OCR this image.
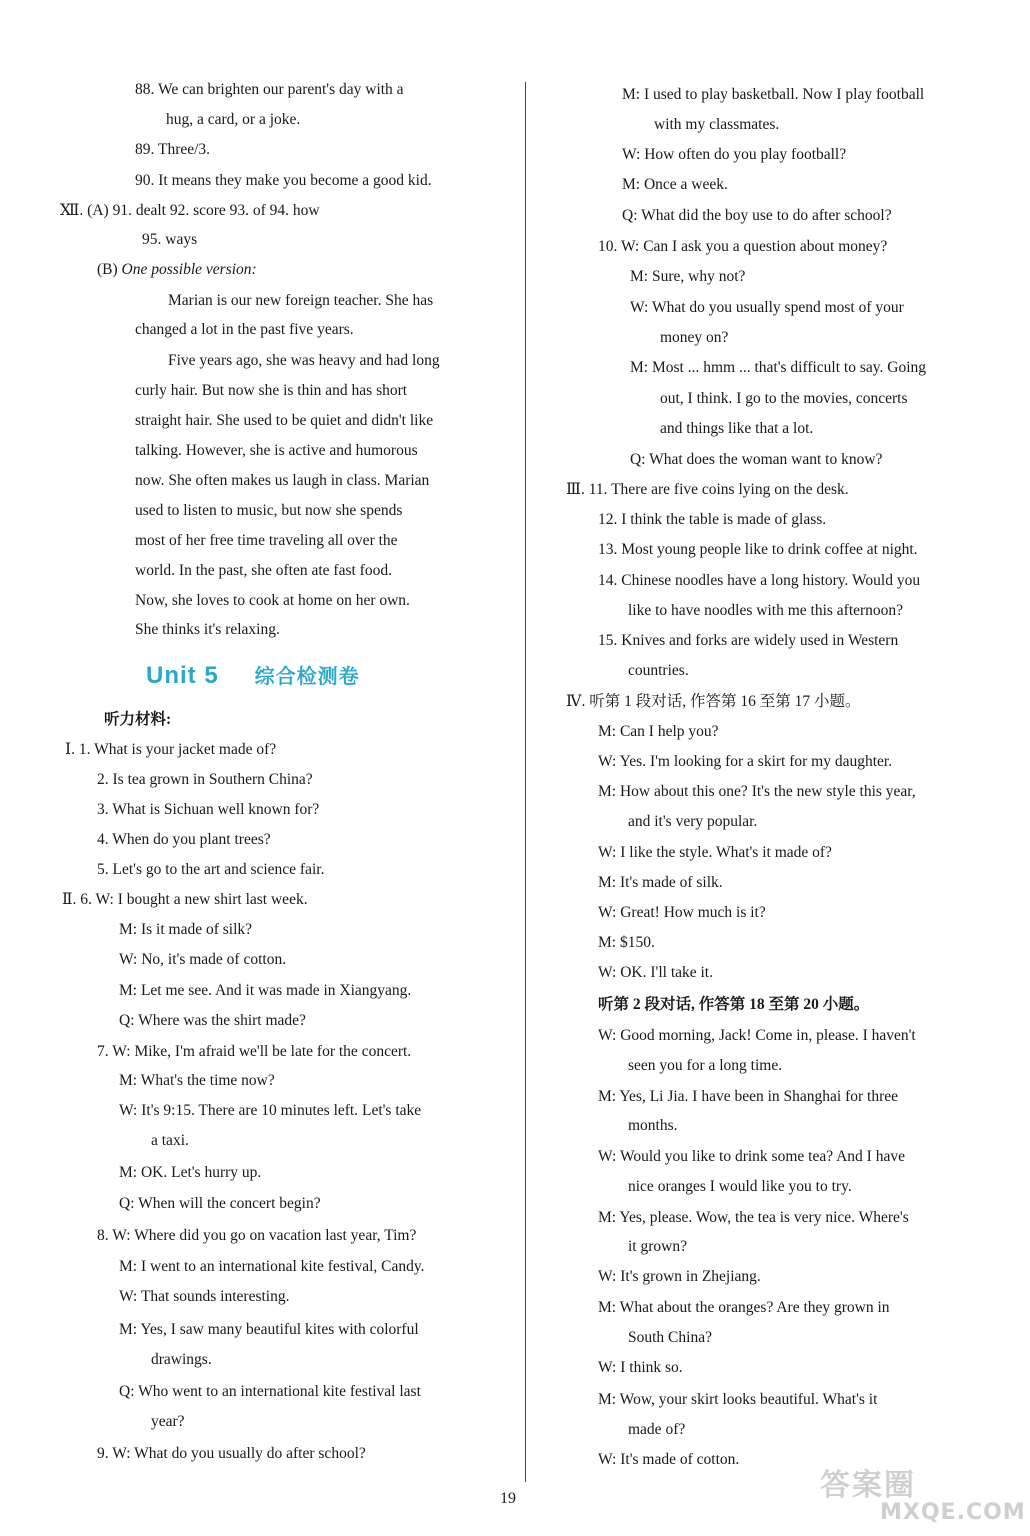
88. We can brighten our parent's day with a
hug, a card, or a joke.
89. Three/3.
90. It means they make you become a good kid.
Ⅻ. (A) 91. dealt 92. score 93. of 94. how
95. ways
(B) One possible version:
Marian is our new foreign teacher. She has
changed a lot in the past five years.
Five years ago, she was heavy and had long
curly hair. But now she is thin and has short
straight hair. She used to be quiet and didn't like
talking. However, she is active and humorous
now. She often makes us laugh in class. Marian
used to listen to music, but now she spends
most of her free time traveling all over the
world. In the past, she often ate fast food.
Now, she loves to cook at home on her own.
She thinks it's relaxing.
听力材料:
Ⅰ. 1. What is your jacket made of?
2. Is tea grown in Southern China?
3. What is Sichuan well known for?
4. When do you plant trees?
5. Let's go to the art and science fair.
Ⅱ. 6. W: I bought a new shirt last week.
M: Is it made of silk?
W: No, it's made of cotton.
M: Let me see. And it was made in Xiangyang.
Q: Where was the shirt made?
7. W: Mike, I'm afraid we'll be late for the concert.
M: What's the time now?
W: It's 9:15. There are 10 minutes left. Let's take
a taxi.
M: OK. Let's hurry up.
Q: When will the concert begin?
8. W: Where did you go on vacation last year, Tim?
M: I went to an international kite festival, Candy.
W: That sounds interesting.
M: Yes, I saw many beautiful kites with colorful
drawings.
Q: Who went to an international kite festival last
year?
9. W: What do you usually do after school?
M: I used to play basketball. Now I play football
with my classmates.
W: How often do you play football?
M: Once a week.
Q: What did the boy use to do after school?
10. W: Can I ask you a question about money?
M: Sure, why not?
W: What do you usually spend most of your
money on?
M: Most ... hmm ... that's difficult to say. Going
out, I think. I go to the movies, concerts
and things like that a lot.
Q: What does the woman want to know?
Ⅲ. 11. There are five coins lying on the desk.
12. I think the table is made of glass.
13. Most young people like to drink coffee at night.
14. Chinese noodles have a long history. Would you
like to have noodles with me this afternoon?
15. Knives and forks are widely used in Western
countries.
Ⅳ. 听第 1 段对话, 作答第 16 至第 17 小题。
M: Can I help you?
W: Yes. I'm looking for a skirt for my daughter.
M: How about this one? It's the new style this year,
and it's very popular.
W: I like the style. What's it made of?
M: It's made of silk.
W: Great! How much is it?
M: $150.
W: OK. I'll take it.
听第 2 段对话, 作答第 18 至第 20 小题。
W: Good morning, Jack! Come in, please. I haven't
seen you for a long time.
M: Yes, Li Jia. I have been in Shanghai for three
months.
W: Would you like to drink some tea? And I have
nice oranges I would like you to try.
M: Yes, please. Wow, the tea is very nice. Where's
it grown?
W: It's grown in Zhejiang.
M: What about the oranges? Are they grown in
South China?
W: I think so.
M: Wow, your skirt looks beautiful. What's it
made of?
W: It's made of cotton.
Unit 5 综合检测卷
19	答案圈
MXQE.COM
